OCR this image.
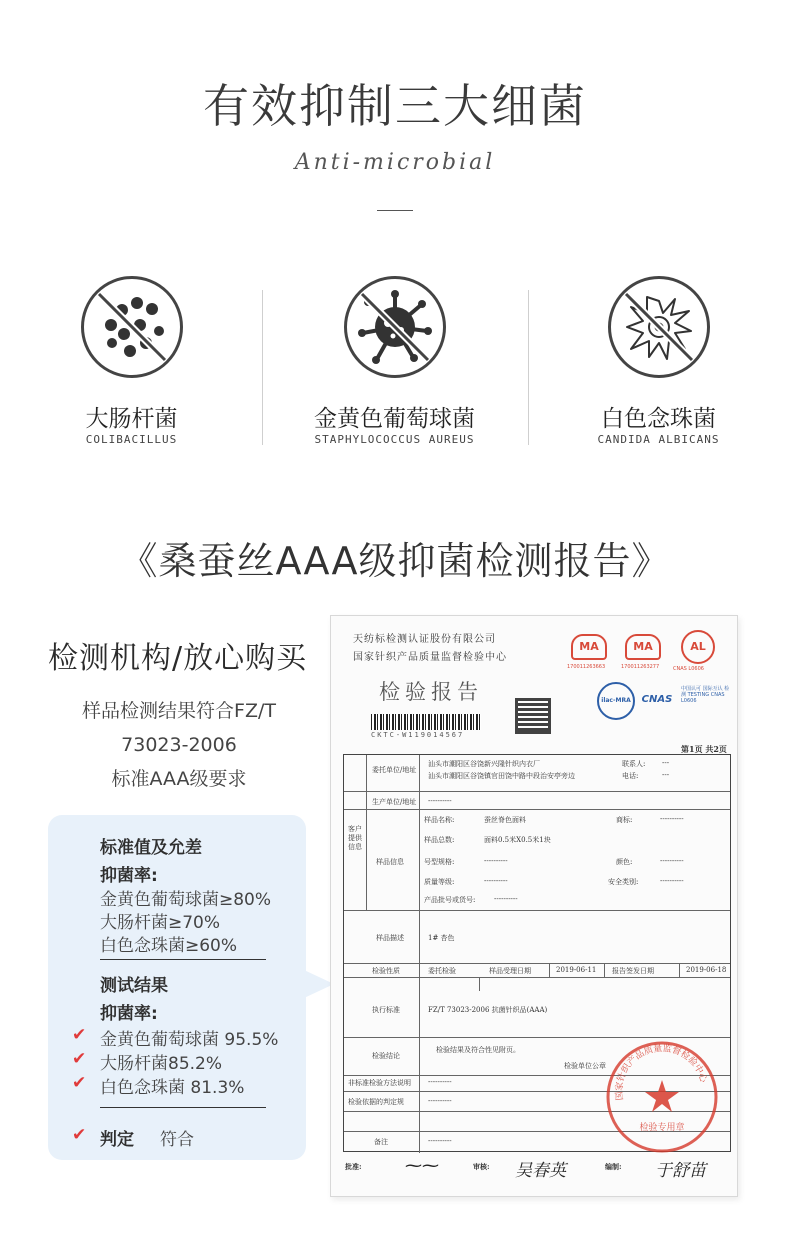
有效抑制三大细菌
Anti-microbial
大肠杆菌
COLIBACILLUS
金黄色葡萄球菌
STAPHYLOCOCCUS AUREUS
白色念珠菌
CANDIDA ALBICANS
《桑蚕丝AAA级抑菌检测报告》
检测机构/放心购买
样品检测结果符合FZ/T
73023-2006
标准AAA级要求
标准值及允差
抑菌率:
金黄色葡萄球菌≥80%
大肠杆菌≥70%
白色念珠菌≥60%
测试结果
抑菌率:
✔ 金黄色葡萄球菌 95.5%
✔ 大肠杆菌85.2%
✔ 白色念珠菌 81.3%
✔ 判定 符合
天纺标检测认证股份有限公司
国家针织产品质量监督检验中心
检验报告
CKTC-W119014567
MA
170011263663
MA
170011263277
AL
CNAS L0606
ilac-MRA	CNAS
中国认可 国际互认 检测 TESTING CNAS L0606
第1页 共2页
委托单位/地址
汕头市潮阳区谷饶新兴隆针织内衣厂
汕头市潮阳区谷饶镇官田饶中路中段治安亭旁边
联系人: ---
电话:	---
生产单位/地址 ----------
客户提供信息
样品信息
样品名称:	蚕丝脊色面料	商标:	----------
样品总数:	面料0.5米X0.5米1块
号型规格:	----------	颜色:	----------
质量等级:	----------	安全类别:	----------
产品批号或货号:	----------
样品描述	1# 杏色
检验性质	委托检验	样品受理日期	2019-06-11 报告签发日期	2019-06-18
执行标准	FZ/T 73023-2006 抗菌针织品(AAA)
检验结论
检验结果及符合性见附页。
检验单位公章
非标准检验方法说明 ----------
检验依据的判定规	----------
备注	----------
国家针织产品质量监督检验中心
检验专用章
批准:	⁓⁓	审核: 吴春英	编制: 于舒苗
